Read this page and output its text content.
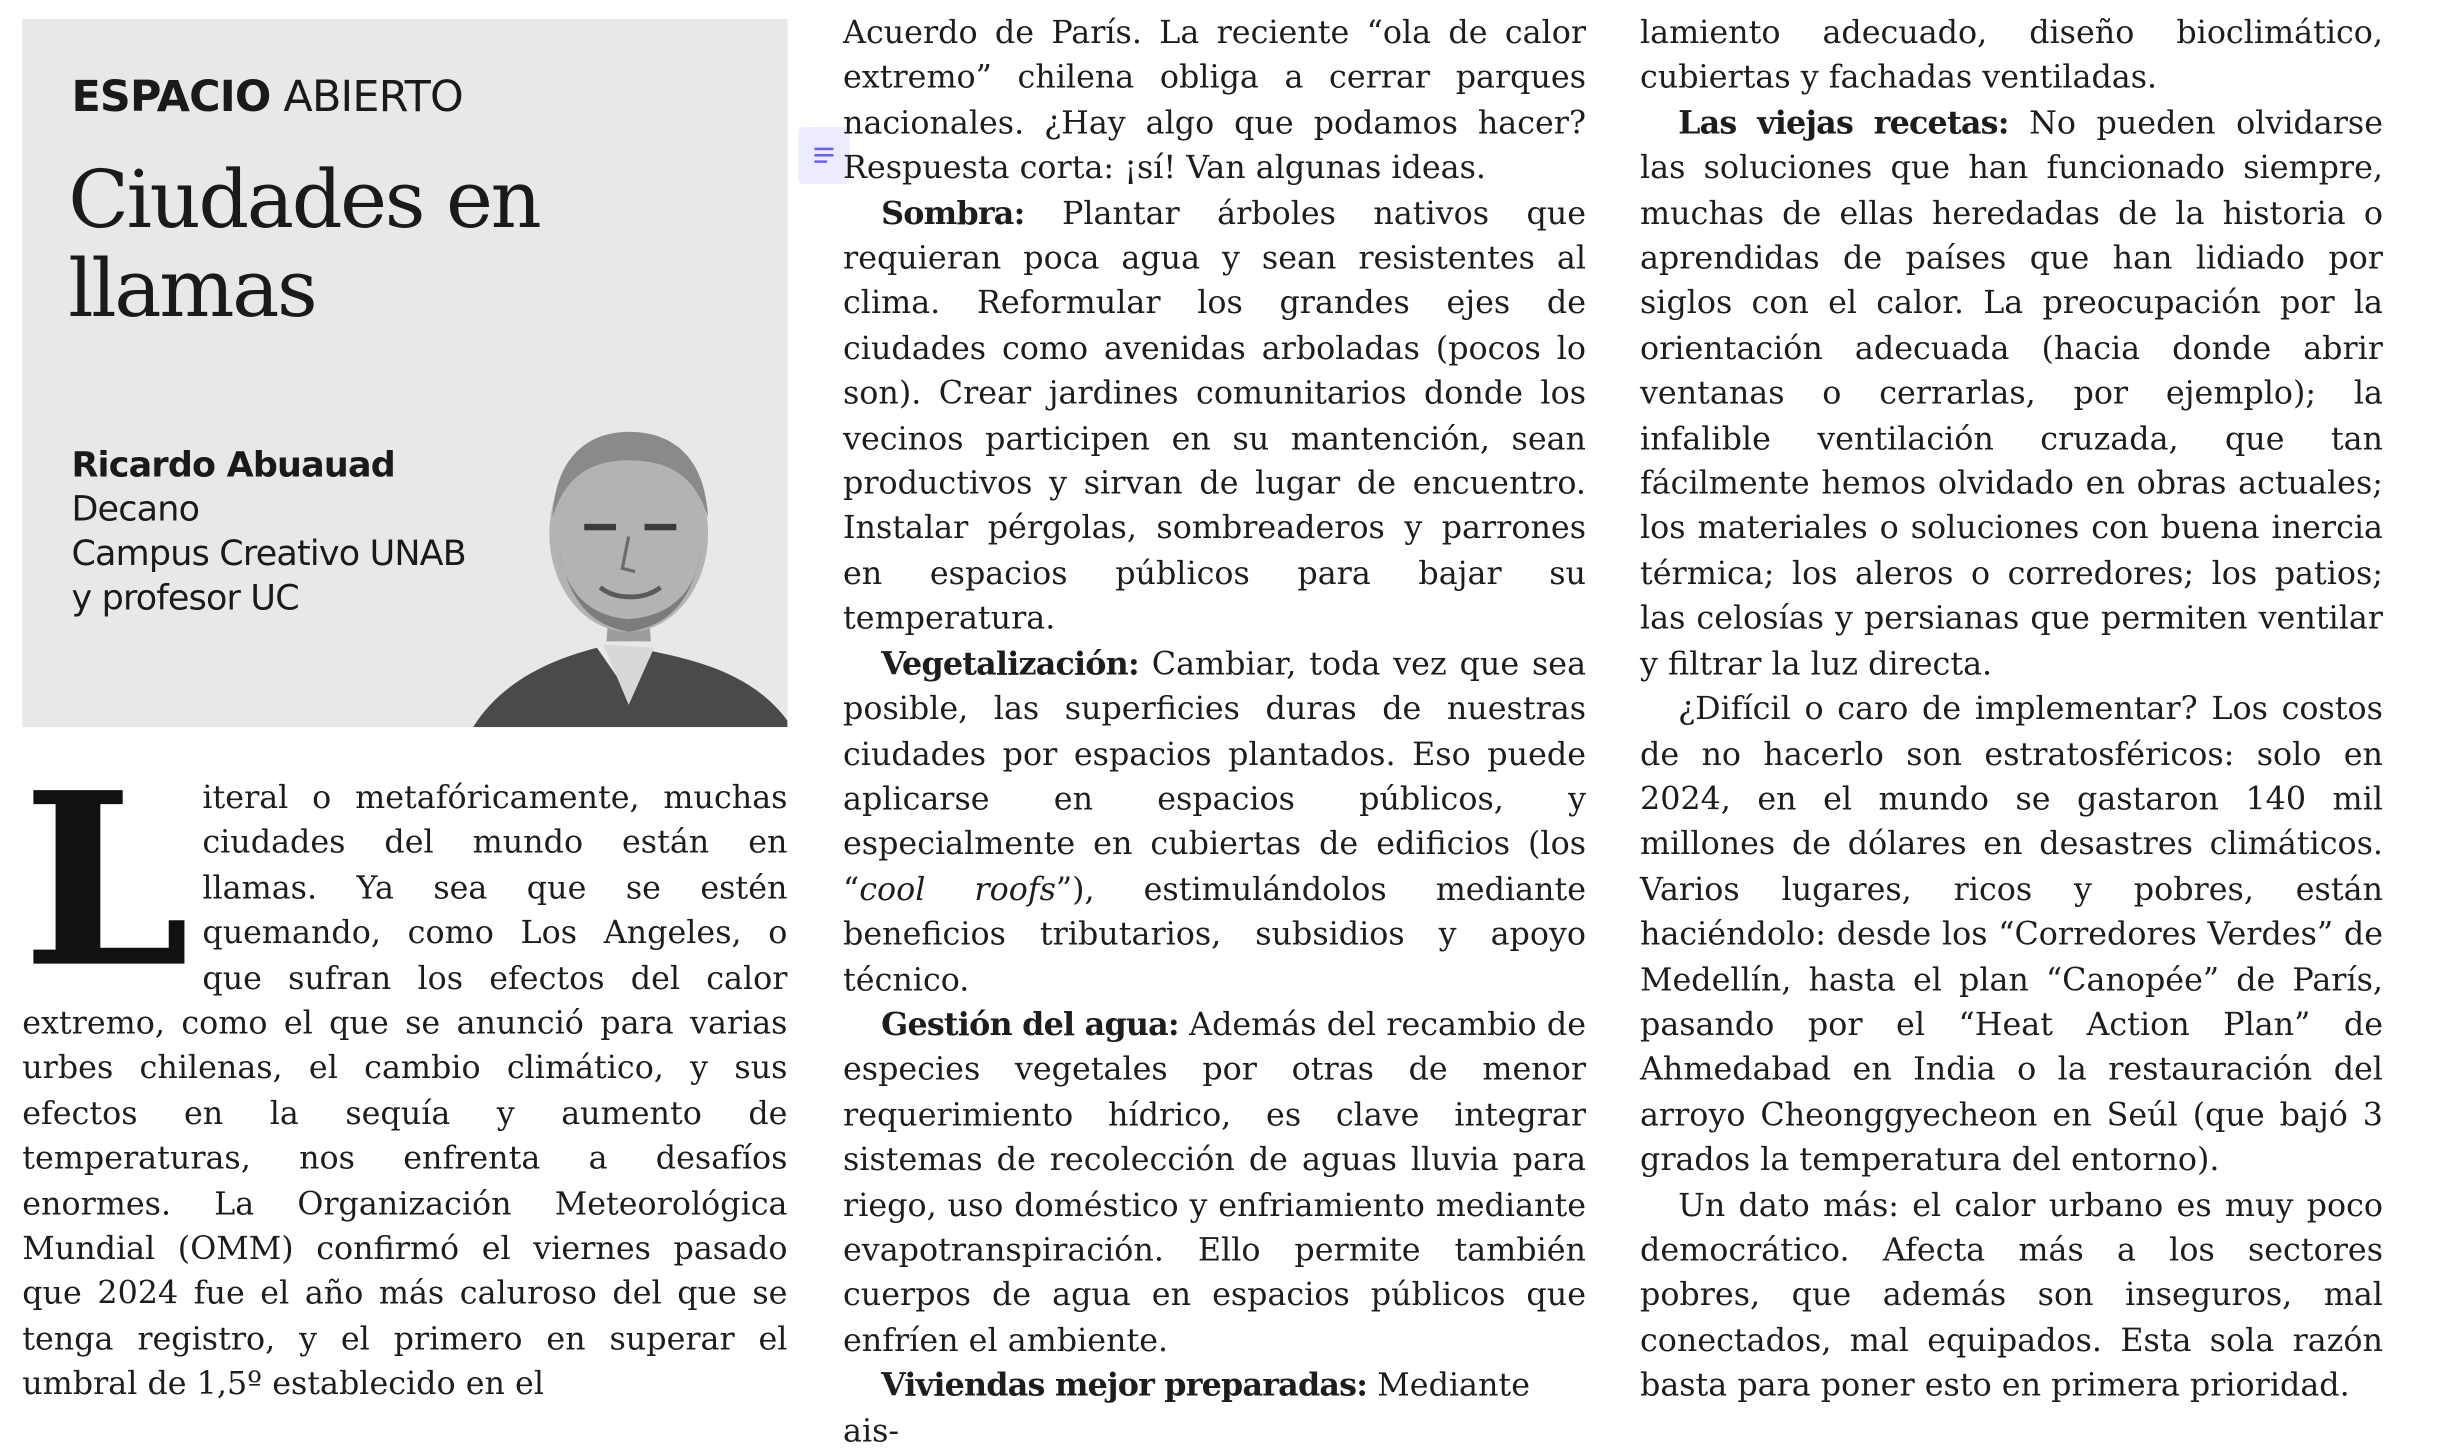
ESPACIO ABIERTO
Ciudades en llamas
Ricardo Abuauad
Decano
Campus Creativo UNAB
y profesor UC

Literal o metafóricamente, muchas ciudades del mundo están en llamas. Ya sea que se estén quemando, como Los Angeles, o que sufran los efectos del calor extremo, como el que se anunció para varias urbes chilenas, el cambio climático, y sus efectos en la sequía y aumento de temperaturas, nos enfrenta a desafíos enormes. La Organización Meteorológica Mundial (OMM) confirmó el viernes pasado que 2024 fue el año más caluroso del que se tenga registro, y el primero en superar el umbral de 1,5º establecido en el

Acuerdo de París. La reciente “ola de calor extremo” chilena obliga a cerrar parques nacionales. ¿Hay algo que podamos hacer? Respuesta corta: ¡sí! Van algunas ideas.

Sombra: Plantar árboles nativos que requieran poca agua y sean resistentes al clima. Reformular los grandes ejes de ciudades como avenidas arboladas (pocos lo son). Crear jardines comunitarios donde los vecinos participen en su mantención, sean productivos y sirvan de lugar de encuentro. Instalar pérgolas, sombreaderos y parrones en espacios públicos para bajar su temperatura.

Vegetalización: Cambiar, toda vez que sea posible, las superficies duras de nuestras ciudades por espacios plantados. Eso puede aplicarse en espacios públicos, y especialmente en cubiertas de edificios (los “cool roofs”), estimulándolos mediante beneficios tributarios, subsidios y apoyo técnico.

Gestión del agua: Además del recambio de especies vegetales por otras de menor requerimiento hídrico, es clave integrar sistemas de recolección de aguas lluvia para riego, uso doméstico y enfriamiento mediante evapotranspiración. Ello permite también cuerpos de agua en espacios públicos que enfríen el ambiente.

Viviendas mejor preparadas: Mediante ais-

lamiento adecuado, diseño bioclimático, cubiertas y fachadas ventiladas.

Las viejas recetas: No pueden olvidarse las soluciones que han funcionado siempre, muchas de ellas heredadas de la historia o aprendidas de países que han lidiado por siglos con el calor. La preocupación por la orientación adecuada (hacia donde abrir ventanas o cerrarlas, por ejemplo); la infalible ventilación cruzada, que tan fácilmente hemos olvidado en obras actuales; los materiales o soluciones con buena inercia térmica; los aleros o corredores; los patios; las celosías y persianas que permiten ventilar y filtrar la luz directa.

¿Difícil o caro de implementar? Los costos de no hacerlo son estratosféricos: solo en 2024, en el mundo se gastaron 140 mil millones de dólares en desastres climáticos. Varios lugares, ricos y pobres, están haciéndolo: desde los “Corredores Verdes” de Medellín, hasta el plan “Canopée” de París, pasando por el “Heat Action Plan” de Ahmedabad en India o la restauración del arroyo Cheonggyecheon en Seúl (que bajó 3 grados la temperatura del entorno).

Un dato más: el calor urbano es muy poco democrático. Afecta más a los sectores pobres, que además son inseguros, mal conectados, mal equipados. Esta sola razón basta para poner esto en primera prioridad.
